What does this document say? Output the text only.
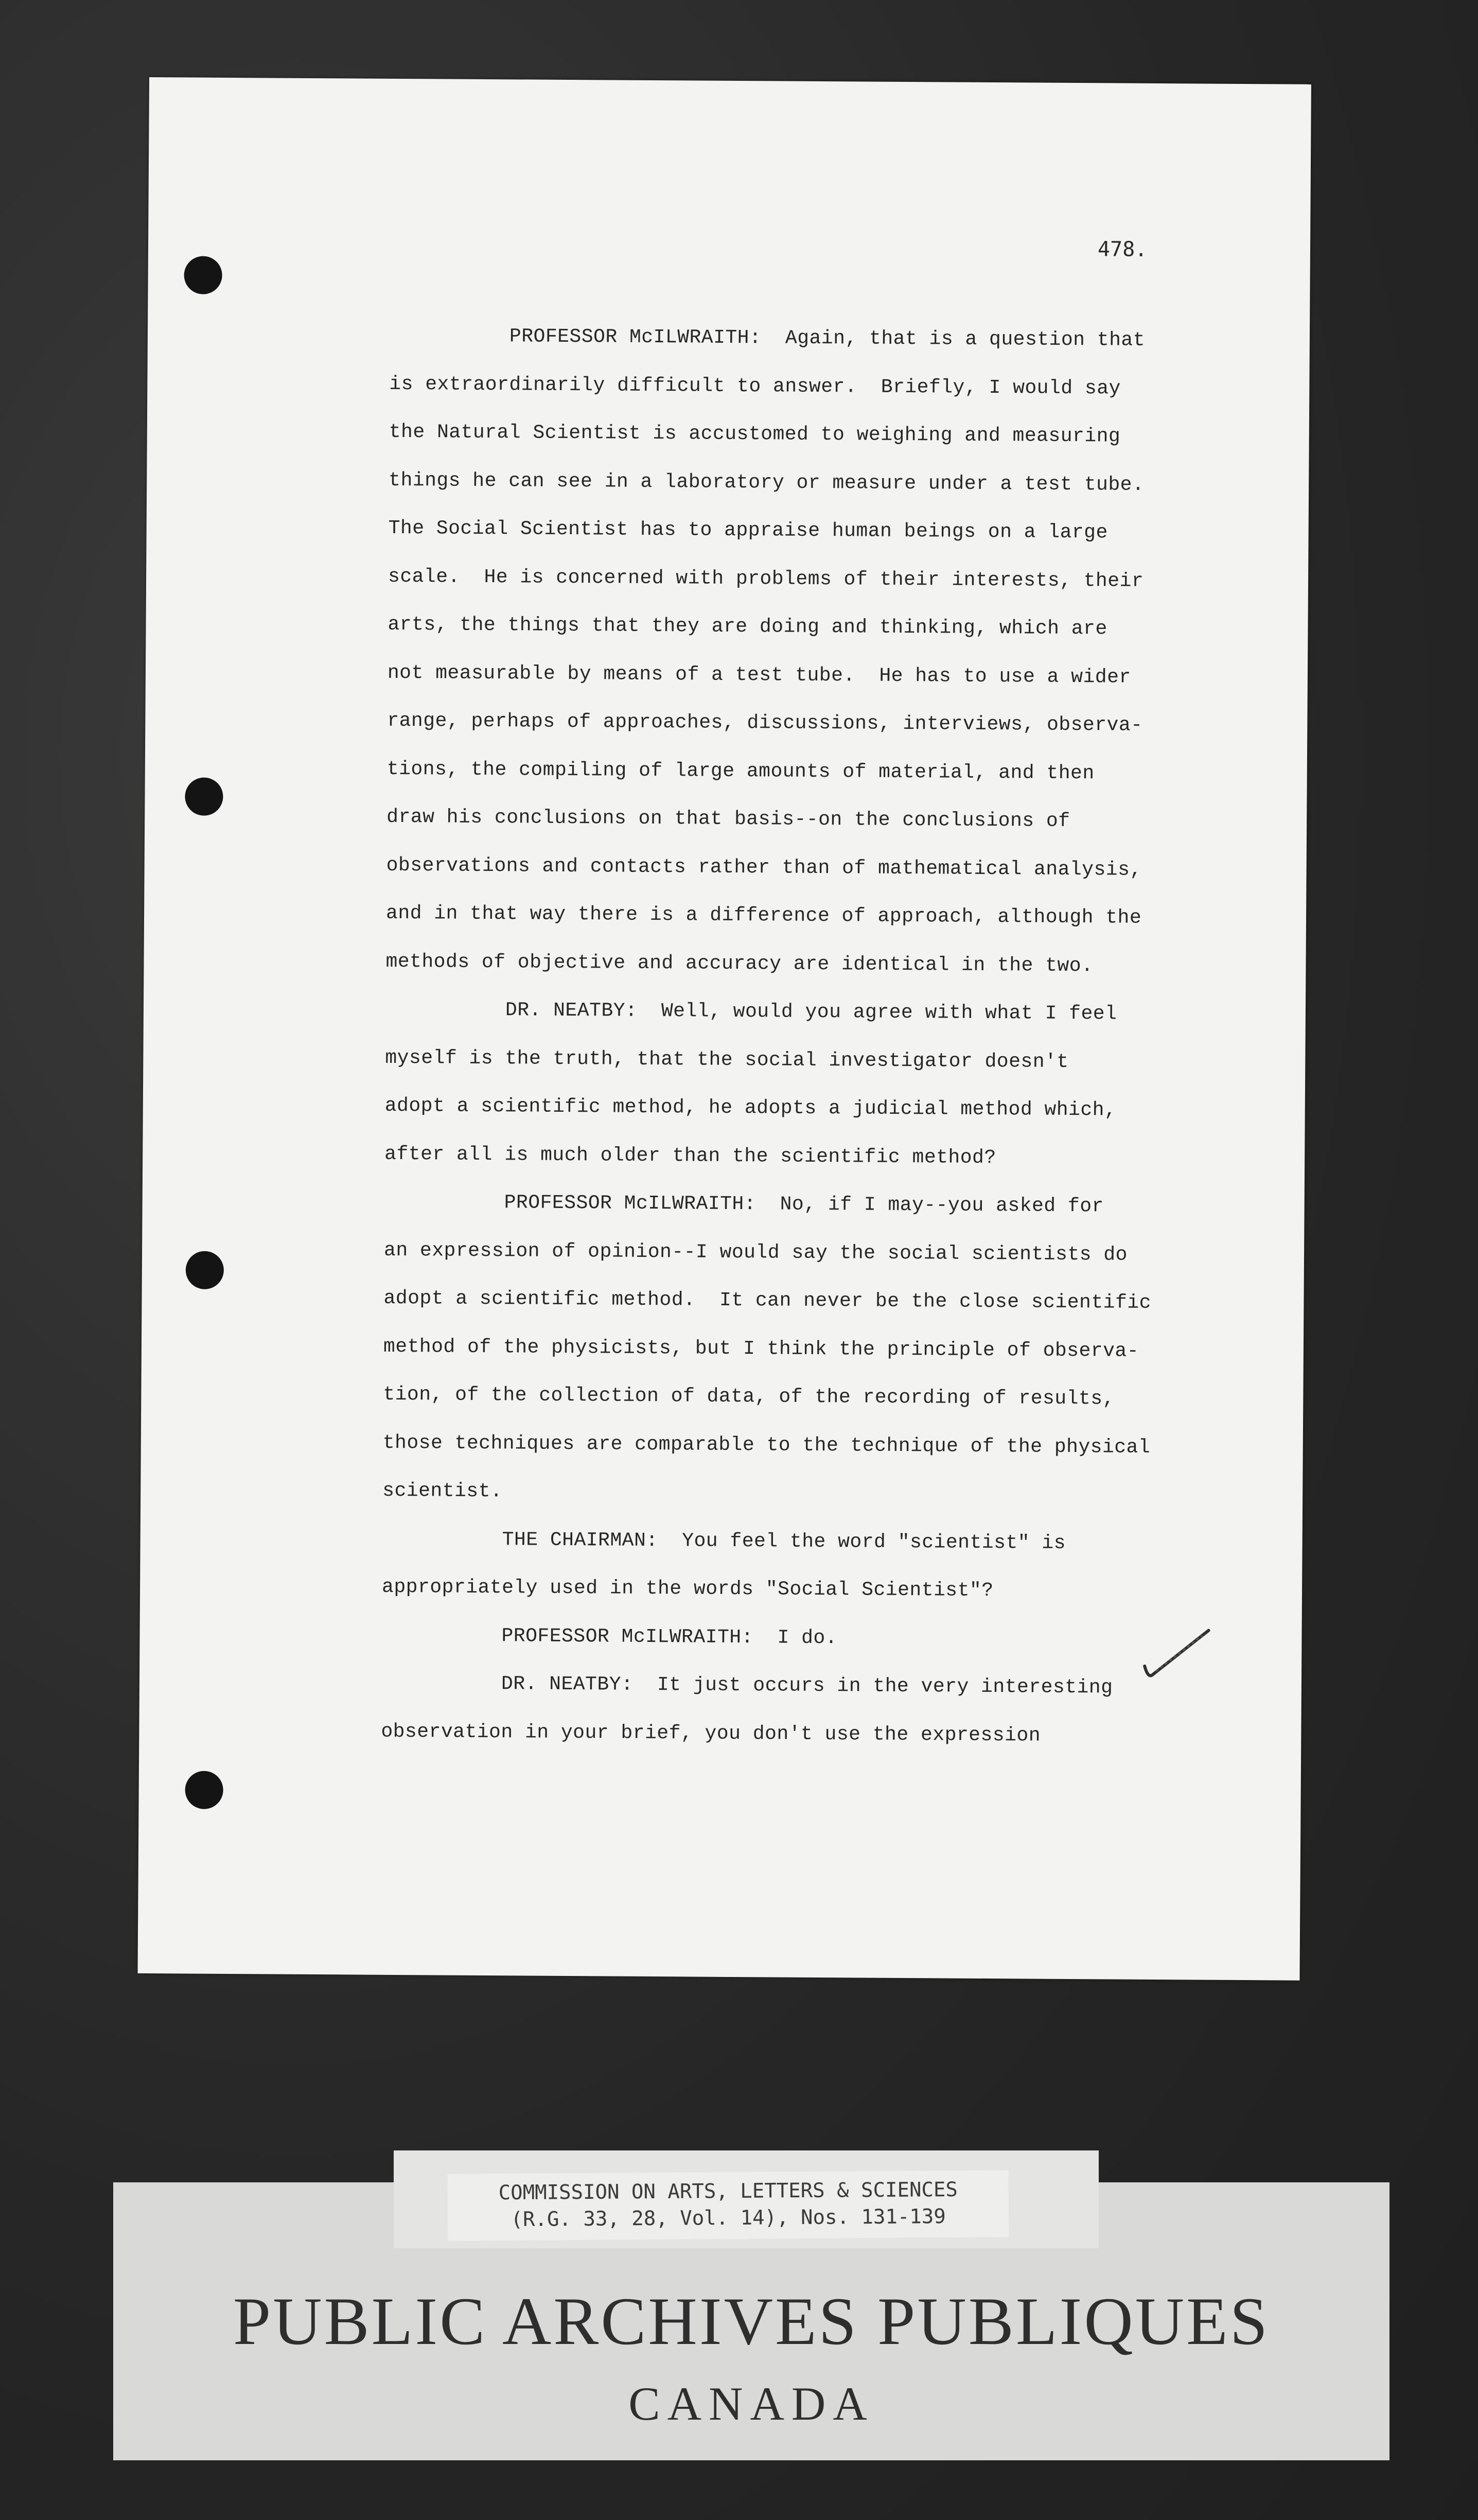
478.
PROFESSOR McILWRAITH:  Again, that is a question that
is extraordinarily difficult to answer.  Briefly, I would say
the Natural Scientist is accustomed to weighing and measuring
things he can see in a laboratory or measure under a test tube.
The Social Scientist has to appraise human beings on a large
scale.  He is concerned with problems of their interests, their
arts, the things that they are doing and thinking, which are
not measurable by means of a test tube.  He has to use a wider
range, perhaps of approaches, discussions, interviews, observa-
tions, the compiling of large amounts of material, and then
draw his conclusions on that basis--on the conclusions of
observations and contacts rather than of mathematical analysis,
and in that way there is a difference of approach, although the
methods of objective and accuracy are identical in the two.
DR. NEATBY:  Well, would you agree with what I feel
myself is the truth, that the social investigator doesn't
adopt a scientific method, he adopts a judicial method which,
after all is much older than the scientific method?
PROFESSOR McILWRAITH:  No, if I may--you asked for
an expression of opinion--I would say the social scientists do
adopt a scientific method.  It can never be the close scientific
method of the physicists, but I think the principle of observa-
tion, of the collection of data, of the recording of results,
those techniques are comparable to the technique of the physical
scientist.
THE CHAIRMAN:  You feel the word "scientist" is
appropriately used in the words "Social Scientist"?
PROFESSOR McILWRAITH:  I do.
DR. NEATBY:  It just occurs in the very interesting
observation in your brief, you don't use the expression
COMMISSION ON ARTS, LETTERS & SCIENCES
(R.G. 33, 28, Vol. 14), Nos. 131-139
PUBLIC ARCHIVES PUBLIQUES
CANADA
